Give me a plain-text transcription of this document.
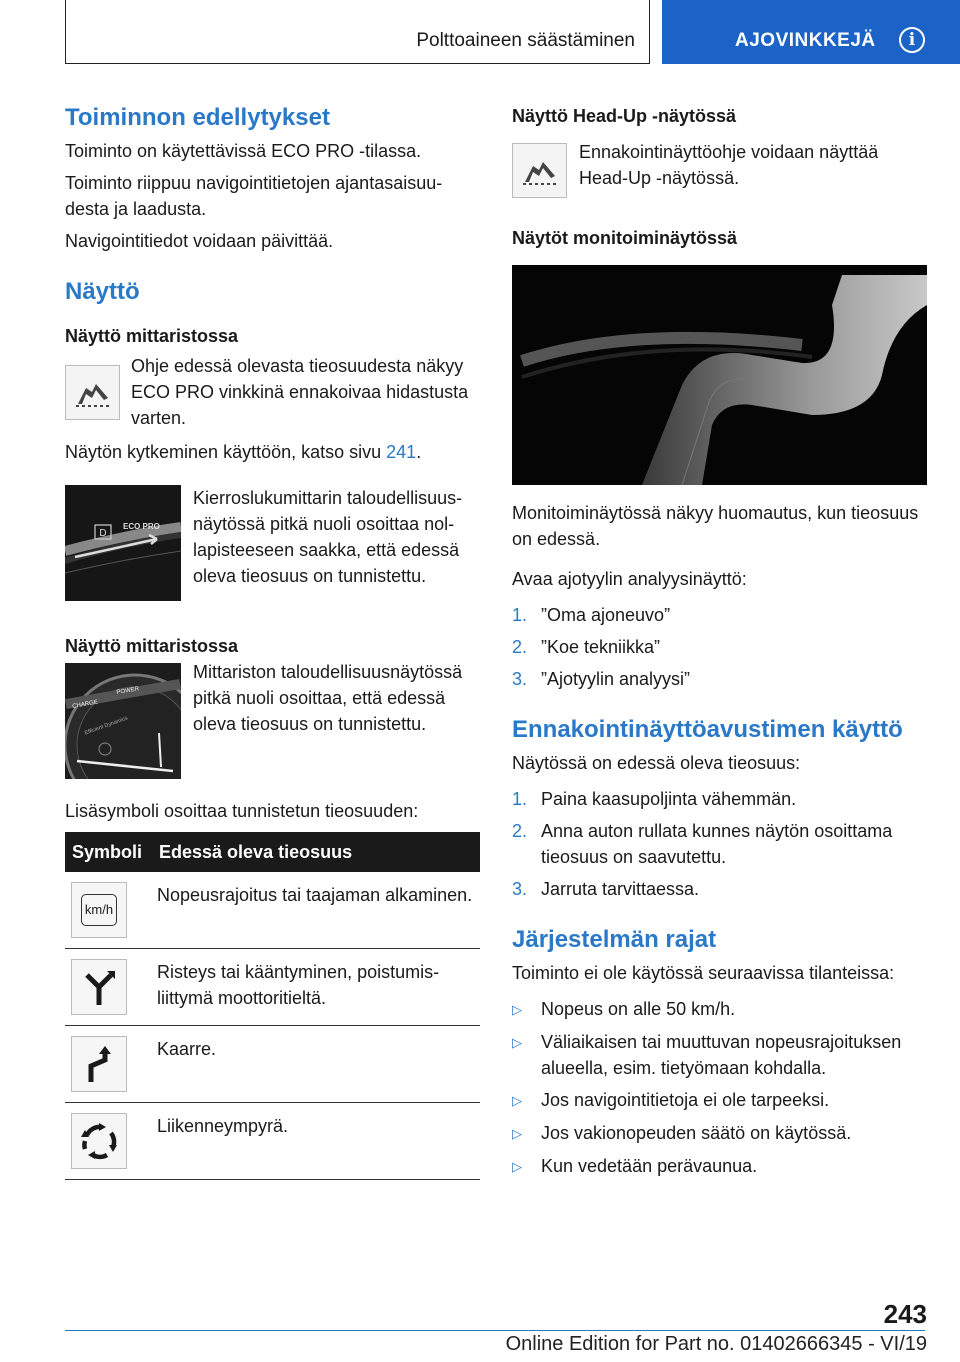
Polttoaineen säästäminen	AJOVINKKEJÄ	i
Toiminnon edellytykset

Toiminto on käytettävissä ECO PRO -tilassa.

Toiminto riippuu navigointitietojen ajantasaisuudesta ja laadusta.

Navigointitiedot voidaan päivittää.

Näyttö
Näyttö mittaristossa

Ohje edessä olevasta tieosuudesta näkyy ECO PRO vinkkinä ennakoivaa hidastusta varten.

Näytön kytkeminen käyttöön, katso sivu 241.

D
ECO PRO

Kierroslukumittarin taloudellisuusnäytössä pitkä nuoli osoittaa nollapisteeseen saakka, että edessä oleva tieosuus on tunnistettu.

Näyttö mittaristossa
CHARGE
POWER
Efficient Dynamics

Mittariston taloudellisuusnäytössä pitkä nuoli osoittaa, että edessä oleva tieosuus on tunnistettu.

Lisäsymboli osoittaa tunnistetun tieosuuden:

Symboli	Edessä oleva tieosuus

km/h	Nopeusrajoitus tai taajaman alkaminen.

	Risteys tai kääntyminen, poistumisliittymä moottoritieltä.

	Kaarre.

	Liikenneympyrä.
Näyttö Head-Up -näytössä

Ennakointinäyttöohje voidaan näyttää Head-Up -näytössä.

Näytöt monitoiminäytössä

Monitoiminäytössä näkyy huomautus, kun tieosuus on edessä.

Avaa ajotyylin analyysinäyttö:

1. ”Oma ajoneuvo”
2. ”Koe tekniikka”
3. ”Ajotyylin analyysi”
Ennakointinäyttöavustimen käyttö

Näytössä on edessä oleva tieosuus:

1. Paina kaasupoljinta vähemmän.
2. Anna auton rullata kunnes näytön osoittama tieosuus on saavutettu.
3. Jarruta tarvittaessa.
Järjestelmän rajat

Toiminto ei ole käytössä seuraavissa tilanteissa:

▷	Nopeus on alle 50 km/h.
▷	Väliaikaisen tai muuttuvan nopeusrajoituksen alueella, esim. tietyömaan kohdalla.
▷	Jos navigointitietoja ei ole tarpeeksi.
▷	Jos vakionopeuden säätö on käytössä.
▷	Kun vedetään perävaunua.
243
Online Edition for Part no. 01402666345 - VI/19
